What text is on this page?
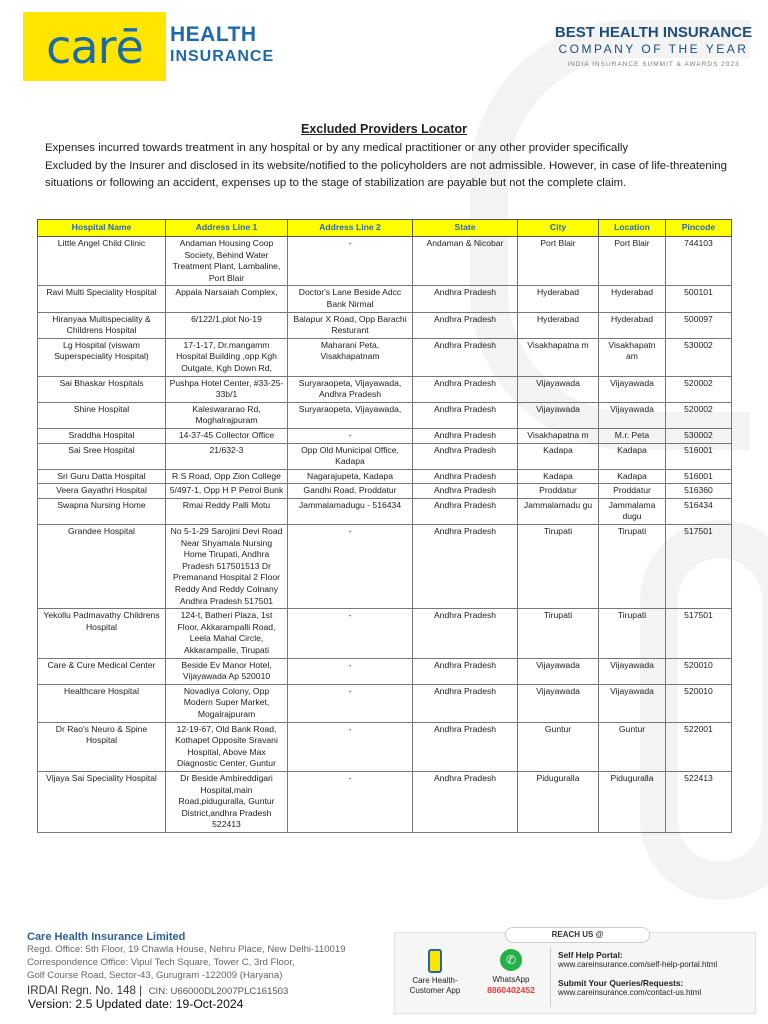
carē HEALTH
INSURANCE
BEST HEALTH INSURANCE
COMPANY OF THE YEAR
INDIA INSURANCE SUMMIT & AWARDS 2023
Excluded Providers Locator
Expenses incurred towards treatment in any hospital or by any medical practitioner or any other provider specifically
Excluded by the Insurer and disclosed in its website/notified to the policyholders are not admissible. However, in case of life-threatening
situations or following an accident, expenses up to the stage of stabilization are payable but not the complete claim.
Hospital Name	Address Line 1	Address Line 2	State	City	Location	Pincode
Little Angel Child Clinic	Andaman Housing Coop Society, Behind Water Treatment Plant, Lambaline, Port Blair	-	Andaman & Nicobar	Port Blair	Port Blair	744103
Ravi Multi Speciality Hospital	Appala Narsaiah Complex,	Doctor's Lane Beside Adcc Bank Nirmal	Andhra Pradesh	Hyderabad	Hyderabad	500101
Hiranyaa Multispeciality & Childrens Hospital	6/122/1,plot No-19	Balapur X Road, Opp Barachi Resturant	Andhra Pradesh	Hyderabad	Hyderabad	500097
Lg Hospital (viswam Superspeciality Hospital)	17-1-17, Dr.mangamm Hospital Building ,opp Kgh Outgate, Kgh Down Rd,	Maharani Peta, Visakhapatnam	Andhra Pradesh	Visakhapatna m	Visakhapatn am	530002
Sai Bhaskar Hospitals	Pushpa Hotel Center, #33-25-33b/1	Suryaraopeta, Vijayawada, Andhra Pradesh	Andhra Pradesh	Vijayawada	Vijayawada	520002
Shine Hospital	Kaleswararao Rd, Moghalrajpuram	Suryaraopeta, Vijayawada,	Andhra Pradesh	Vijayawada	Vijayawada	520002
Sraddha Hospital	14-37-45 Collector Office	-	Andhra Pradesh	Visakhapatna m	M.r. Peta	530002
Sai Sree Hospital	21/632-3	Opp Old Municipal Office, Kadapa	Andhra Pradesh	Kadapa	Kadapa	516001
Sri Guru Datta Hospital	R S Road, Opp Zion College	Nagarajupeta, Kadapa	Andhra Pradesh	Kadapa	Kadapa	516001
Veera Gayathri Hospital	5/497-1, Opp H P Petrol Bunk	Gandhi Road, Proddatur	Andhra Pradesh	Proddatur	Proddatur	516360
Swapna Nursing Home	Rmai Reddy Palli Motu	Jammalamadugu - 516434	Andhra Pradesh	Jammalamadu gu	Jammalama dugu	516434
Grandee Hospital	No 5-1-29 Sarojini Devi Road Near Shyamala Nursing Home Tirupati, Andhra Pradesh 517501513 Dr Premanand Hospital 2 Floor Reddy And Reddy Colnany Andhra Pradesh 517501	-	Andhra Pradesh	Tirupati	Tirupati	517501
Yekollu Padmavathy Childrens Hospital	124-t, Batheri Plaza, 1st Floor, Akkarampalli Road, Leela Mahal Circle, Akkarampalle, Tirupati	-	Andhra Pradesh	Tirupati	Tirupati	517501
Care & Cure Medical Center	Beside Ev Manor Hotel, Vijayawada Ap 520010	-	Andhra Pradesh	Vijayawada	Vijayawada	520010
Healthcare Hospital	Novadiya Colony, Opp Modern Super Market, Mogalrajpuram	-	Andhra Pradesh	Vijayawada	Vijayawada	520010
Dr Rao's Neuro & Spine Hospital	12-19-67, Old Bank Road, Kothapet Opposite Sravani Hospital, Above Max Diagnostic Center, Guntur	-	Andhra Pradesh	Guntur	Guntur	522001
Vijaya Sai Speciality Hospital	Dr Beside Ambireddigari Hospital,main Road,piduguralla, Guntur District,andhra Pradesh 522413	-	Andhra Pradesh	Piduguralla	Piduguralla	522413
Care Health Insurance Limited
Regd. Office: 5th Floor, 19 Chawla House, Nehru Place, New Delhi-110019
Correspondence Office: Vipul Tech Square, Tower C, 3rd Floor,
Golf Course Road, Sector-43, Gurugram -122009 (Haryana)
IRDAI Regn. No. 148 |  CIN: U66000DL2007PLC161503
Version: 2.5 Updated date: 19-Oct-2024
REACH US @
Care Health-
Customer App
✆
WhatsApp
8860402452
Self Help Portal:
www.careinsurance.com/self-help-portal.html
Submit Your Queries/Requests:
www.careinsurance.com/contact-us.html
